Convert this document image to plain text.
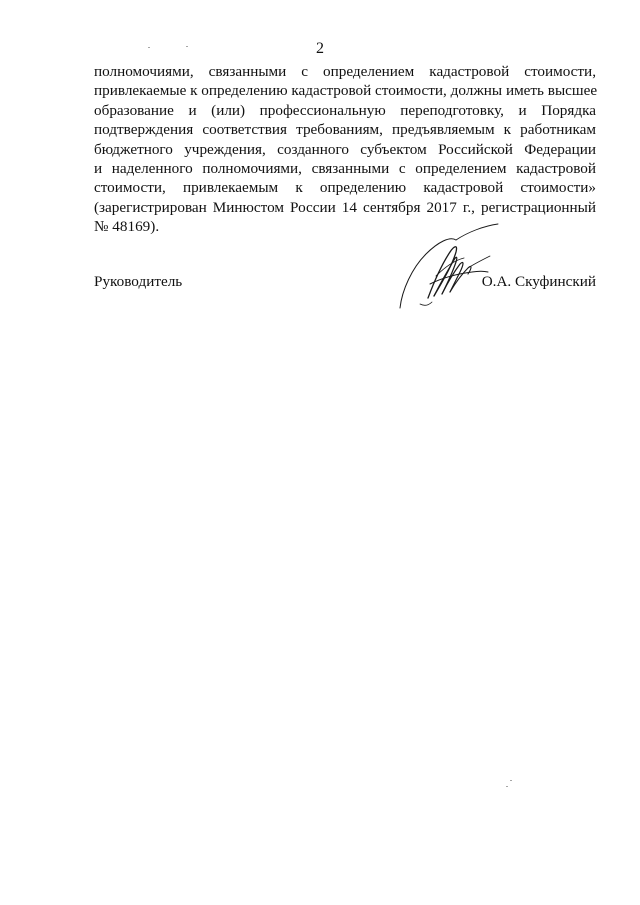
2
полномочиями, связанными с определением кадастровой стоимости,
привлекаемые к определению кадастровой стоимости, должны иметь высшее
образование и (или) профессиональную переподготовку, и Порядка
подтверждения соответствия требованиям, предъявляемым к работникам
бюджетного учреждения, созданного субъектом Российской Федерации
и наделенного полномочиями, связанными с определением кадастровой
стоимости, привлекаемым к определению кадастровой стоимости»
(зарегистрирован Минюстом России 14 сентября 2017 г., регистрационный
№ 48169).
Руководитель	О.А. Скуфинский
